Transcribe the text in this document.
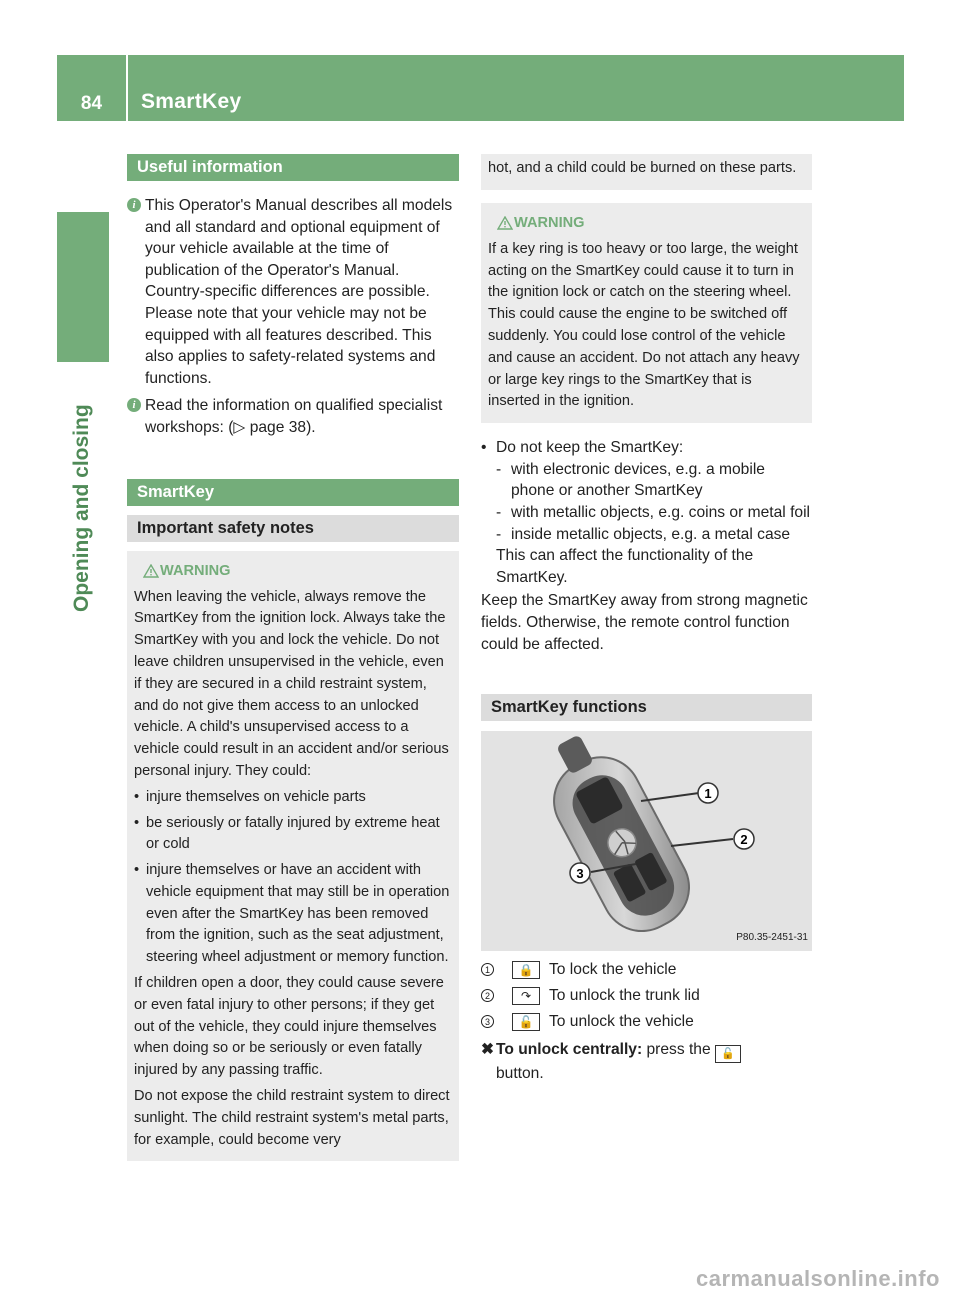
84	SmartKey
Opening and closing
Useful information
i This Operator's Manual describes all models and all standard and optional equipment of your vehicle available at the time of publication of the Operator's Manual. Country-specific differences are possible. Please note that your vehicle may not be equipped with all features described. This also applies to safety-related systems and functions.
i Read the information on qualified specialist workshops: (▷ page 38).
SmartKey
Important safety notes
WARNING

When leaving the vehicle, always remove the SmartKey from the ignition lock. Always take the SmartKey with you and lock the vehicle. Do not leave children unsupervised in the vehicle, even if they are secured in a child restraint system, and do not give them access to an unlocked vehicle. A child's unsupervised access to a vehicle could result in an accident and/or serious personal injury. They could:

• injure themselves on vehicle parts
• be seriously or fatally injured by extreme heat or cold
• injure themselves or have an accident with vehicle equipment that may still be in operation even after the SmartKey has been removed from the ignition, such as the seat adjustment, steering wheel adjustment or memory function.

If children open a door, they could cause severe or even fatal injury to other persons; if they get out of the vehicle, they could injure themselves when doing so or be seriously or even fatally injured by any passing traffic.

Do not expose the child restraint system to direct sunlight. The child restraint system's metal parts, for example, could become very

hot, and a child could be burned on these parts.

WARNING

If a key ring is too heavy or too large, the weight acting on the SmartKey could cause it to turn in the ignition lock or catch on the steering wheel. This could cause the engine to be switched off suddenly. You could lose control of the vehicle and cause an accident. Do not attach any heavy or large key rings to the SmartKey that is inserted in the ignition.

• Do not keep the SmartKey:
- with electronic devices, e.g. a mobile phone or another SmartKey
- with metallic objects, e.g. coins or metal foil
- inside metallic objects, e.g. a metal case
This can affect the functionality of the SmartKey.
Keep the SmartKey away from strong magnetic fields. Otherwise, the remote control function could be affected.
SmartKey functions
1
2
3
P80.35-2451-31
1	🔒 To lock the vehicle
2	↷	To unlock the trunk lid
3	🔓 To unlock the vehicle
✖ To unlock centrally: press the 🔓
button.
carmanualsonline.info
